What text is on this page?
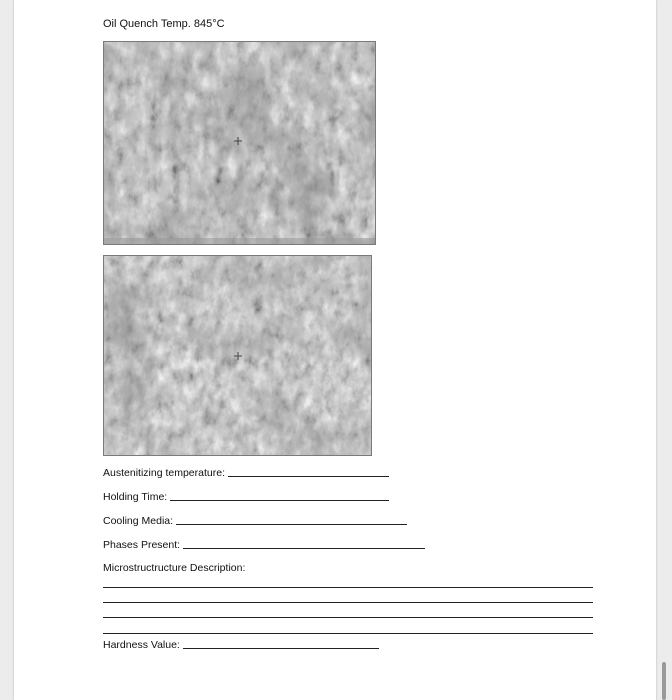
Oil Quench Temp. 845°C
Austenitizing temperature:
Holding Time:
Cooling Media:
Phases Present:
Microstructructure Description:
Hardness Value:
